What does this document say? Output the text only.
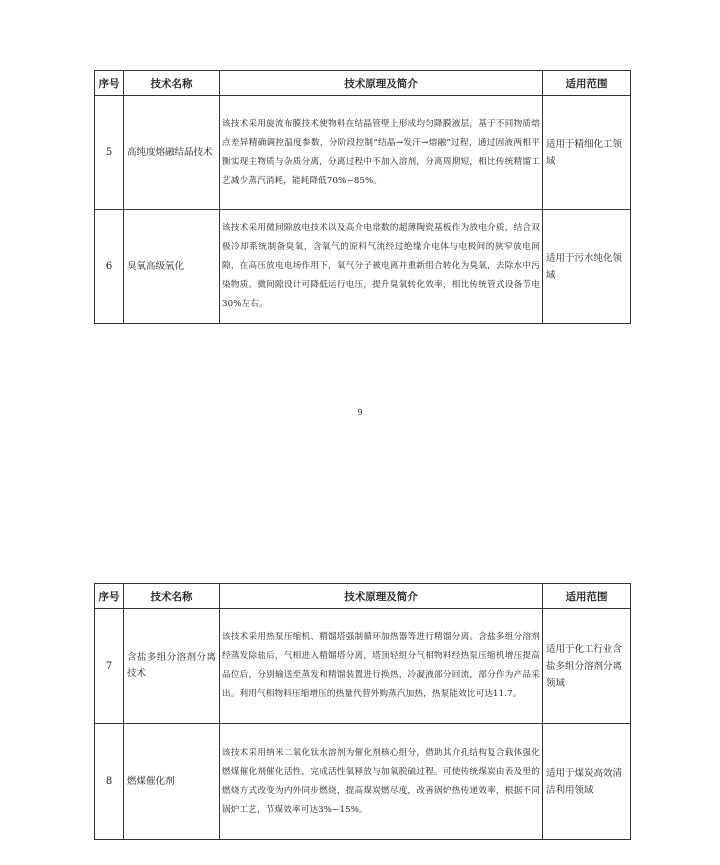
序号	技术名称	技术原理及简介	适用范围
5	高纯度熔融结晶技术	该技术采用旋流布膜技术使物料在结晶管壁上形成均匀降膜液层，基于不同物质熔点差异精确调控温度参数，分阶段控制“结晶→发汗→熔融”过程，通过固液两相平衡实现主物质与杂质分离，分离过程中不加入溶剂，分离周期短，相比传统精馏工艺减少蒸汽消耗，能耗降低70%~85%。	适用于精细化工领域
6	臭氧高级氧化	该技术采用微间隙放电技术以及高介电常数的超薄陶瓷基板作为放电介质，结合双极冷却系统制备臭氧，含氧气的原料气流经过绝缘介电体与电极间的狭窄放电间隙，在高压放电电场作用下，氧气分子被电离并重新组合转化为臭氧，去除水中污染物质。微间隙设计可降低运行电压，提升臭氧转化效率，相比传统管式设备节电30%左右。	适用于污水纯化领域
9
序号	技术名称	技术原理及简介	适用范围
7	含盐多组分溶剂分离技术	该技术采用热泵压缩机、精馏塔强制循环加热器等进行精馏分离。含盐多组分溶剂经蒸发除盐后，气相进入精馏塔分离，塔顶轻组分气相物料经热泵压缩机增压提高品位后，分别输送至蒸发和精馏装置进行换热，冷凝液部分回流，部分作为产品采出。利用气相物料压缩增压的热量代替外购蒸汽加热，热泵能效比可达11.7。	适用于化工行业含盐多组分溶剂分离领域
8	燃煤催化剂	该技术采用纳米二氧化钛水溶剂为催化剂核心组分，借助其介孔结构复合载体强化燃煤催化剂催化活性，完成活性氧释放与加氧脱硫过程。可使传统煤炭由表及里的燃烧方式改变为内外同步燃烧，提高煤炭燃尽度，改善锅炉热传递效率，根据不同锅炉工艺，节煤效率可达3%~15%。	适用于煤炭高效清洁利用领域
